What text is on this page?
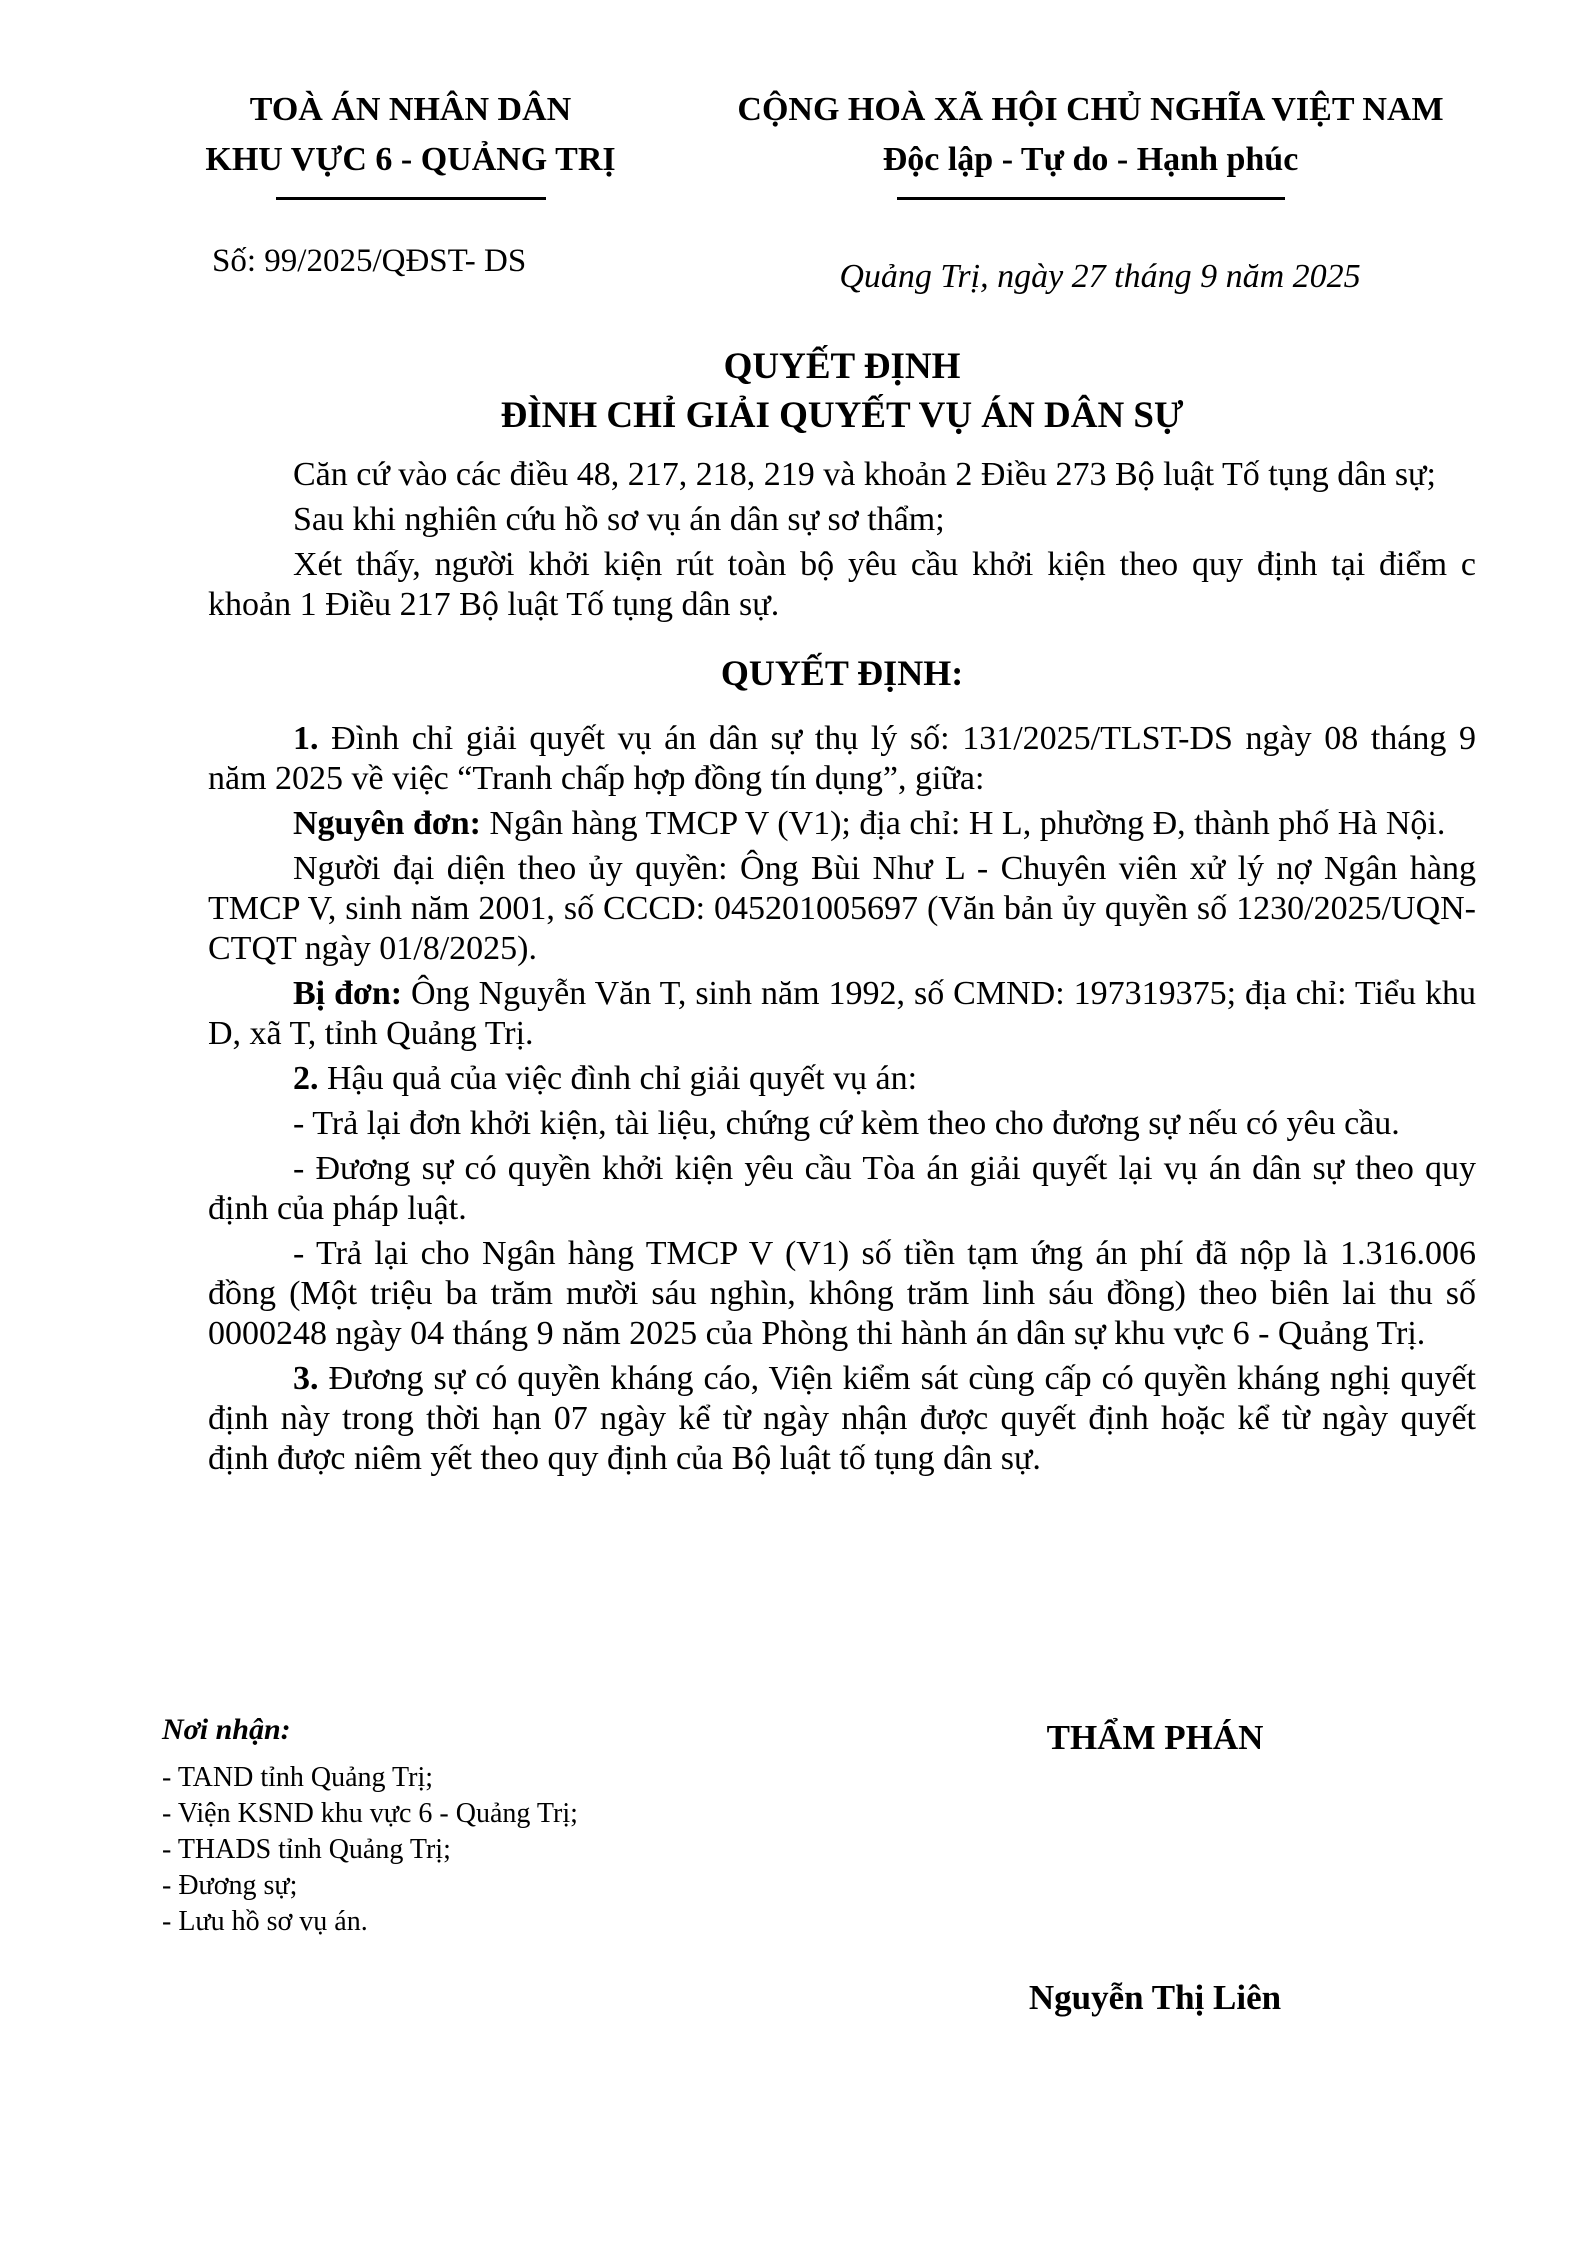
TOÀ ÁN NHÂN DÂN
KHU VỰC 6 - QUẢNG TRỊ
CỘNG HOÀ XÃ HỘI CHỦ NGHĨA VIỆT NAM
Độc lập - Tự do - Hạnh phúc
Số: 99/2025/QĐST- DS	Quảng Trị, ngày 27 tháng 9 năm 2025
QUYẾT ĐỊNH
ĐÌNH CHỈ GIẢI QUYẾT VỤ ÁN DÂN SỰ

Căn cứ vào các điều 48, 217, 218, 219 và khoản 2 Điều 273 Bộ luật Tố tụng dân sự;

Sau khi nghiên cứu hồ sơ vụ án dân sự sơ thẩm;

Xét thấy, người khởi kiện rút toàn bộ yêu cầu khởi kiện theo quy định tại điểm c khoản 1 Điều 217 Bộ luật Tố tụng dân sự.

QUYẾT ĐỊNH:

1. Đình chỉ giải quyết vụ án dân sự thụ lý số: 131/2025/TLST-DS ngày 08 tháng 9 năm 2025 về việc “Tranh chấp hợp đồng tín dụng”, giữa:

Nguyên đơn: Ngân hàng TMCP V (V1); địa chỉ: H L, phường Đ, thành phố Hà Nội.

Người đại diện theo ủy quyền: Ông Bùi Như L - Chuyên viên xử lý nợ Ngân hàng TMCP V, sinh năm 2001, số CCCD: 045201005697 (Văn bản ủy quyền số 1230/2025/UQN-CTQT ngày 01/8/2025).

Bị đơn: Ông Nguyễn Văn T, sinh năm 1992, số CMND: 197319375; địa chỉ: Tiểu khu D, xã T, tỉnh Quảng Trị.

2. Hậu quả của việc đình chỉ giải quyết vụ án:

- Trả lại đơn khởi kiện, tài liệu, chứng cứ kèm theo cho đương sự nếu có yêu cầu.

- Đương sự có quyền khởi kiện yêu cầu Tòa án giải quyết lại vụ án dân sự theo quy định của pháp luật.

- Trả lại cho Ngân hàng TMCP V (V1) số tiền tạm ứng án phí đã nộp là 1.316.006 đồng (Một triệu ba trăm mười sáu nghìn, không trăm linh sáu đồng) theo biên lai thu số 0000248 ngày 04 tháng 9 năm 2025 của Phòng thi hành án dân sự khu vực 6 - Quảng Trị.

3. Đương sự có quyền kháng cáo, Viện kiểm sát cùng cấp có quyền kháng nghị quyết định này trong thời hạn 07 ngày kể từ ngày nhận được quyết định hoặc kể từ ngày quyết định được niêm yết theo quy định của Bộ luật tố tụng dân sự.

Nơi nhận:
- TAND tỉnh Quảng Trị;
- Viện KSND khu vực 6 - Quảng Trị;
- THADS tỉnh Quảng Trị;
- Đương sự;
- Lưu hồ sơ vụ án.
THẨM PHÁN
Nguyễn Thị Liên
